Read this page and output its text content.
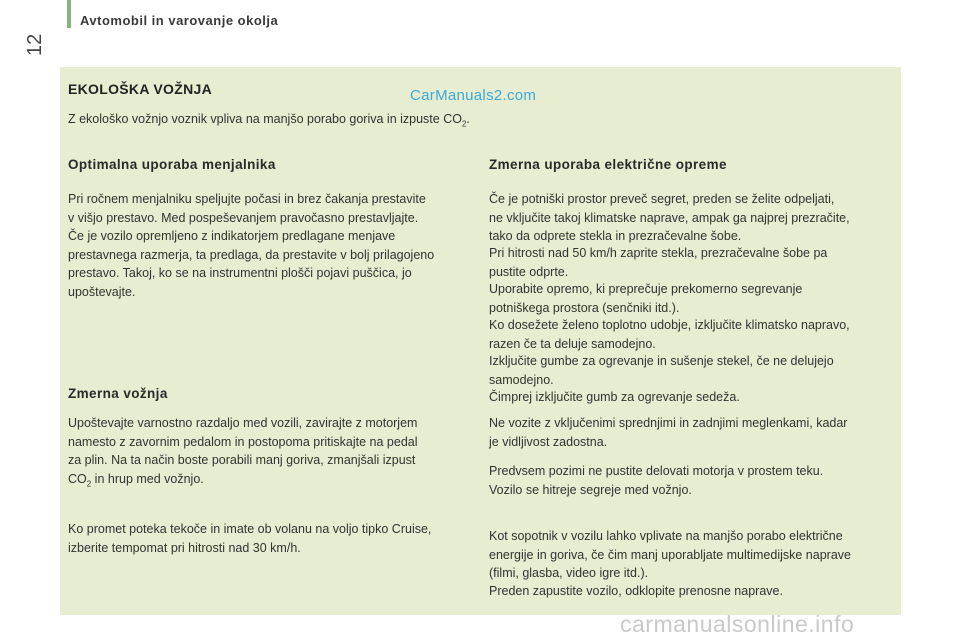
Avtomobil in varovanje okolja
12
EKOLOŠKA VOŽNJA	CarManuals2.com
Z ekološko vožnjo voznik vpliva na manjšo porabo goriva in izpuste $CO_2$.
Optimalna uporaba menjalnika
Pri ročnem menjalniku speljujte počasi in brez čakanja prestavite
v višjo prestavo. Med pospeševanjem pravočasno prestavljajte.
Če je vozilo opremljeno z indikatorjem predlagane menjave
prestavnega razmerja, ta predlaga, da prestavite v bolj prilagojeno
prestavo. Takoj, ko se na instrumentni plošči pojavi puščica, jo
upoštevajte.
Zmerna vožnja
Upoštevajte varnostno razdaljo med vozili, zavirajte z motorjem
namesto z zavornim pedalom in postopoma pritiskajte na pedal
za plin. Na ta način boste porabili manj goriva, zmanjšali izpust
$CO_2$ in hrup med vožnjo.
Ko promet poteka tekoče in imate ob volanu na voljo tipko Cruise,
izberite tempomat pri hitrosti nad 30 km/h.
Zmerna uporaba električne opreme
Če je potniški prostor preveč segret, preden se želite odpeljati,
ne vključite takoj klimatske naprave, ampak ga najprej prezračite,
tako da odprete stekla in prezračevalne šobe.
Pri hitrosti nad 50 km/h zaprite stekla, prezračevalne šobe pa
pustite odprte.
Uporabite opremo, ki preprečuje prekomerno segrevanje
potniškega prostora (senčniki itd.).
Ko dosežete želeno toplotno udobje, izključite klimatsko napravo,
razen če ta deluje samodejno.
Izključite gumbe za ogrevanje in sušenje stekel, če ne delujejo
samodejno.
Čimprej izključite gumb za ogrevanje sedeža.
Ne vozite z vključenimi sprednjimi in zadnjimi meglenkami, kadar
je vidljivost zadostna.
Predvsem pozimi ne pustite delovati motorja v prostem teku.
Vozilo se hitreje segreje med vožnjo.
Kot sopotnik v vozilu lahko vplivate na manjšo porabo električne
energije in goriva, če čim manj uporabljate multimedijske naprave
(filmi, glasba, video igre itd.).
Preden zapustite vozilo, odklopite prenosne naprave.
carmanualsonline.info
